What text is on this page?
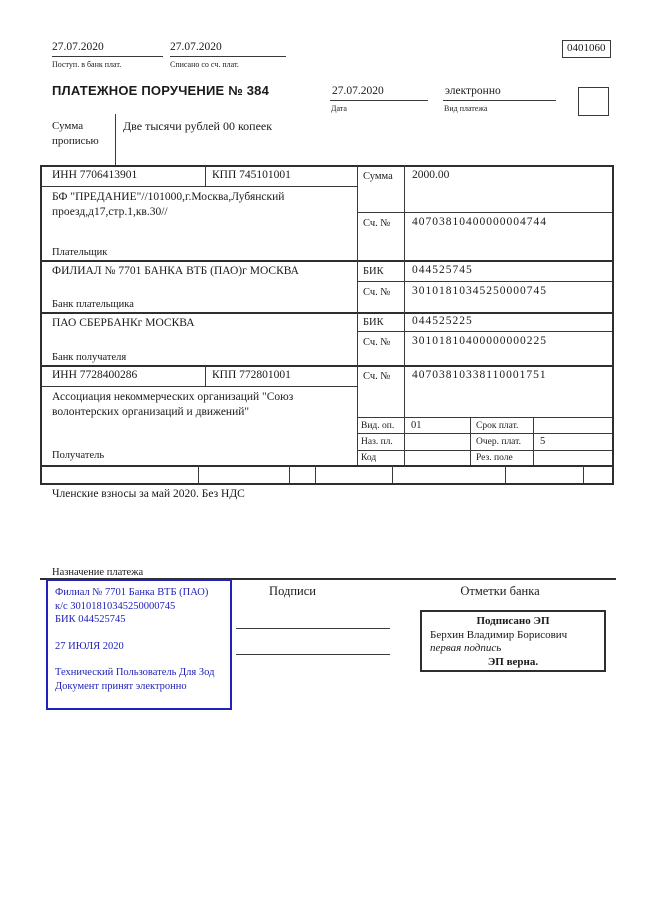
27.07.2020
Поступ. в банк плат.
27.07.2020
Списано со сч. плат.
0401060
ПЛАТЕЖНОЕ ПОРУЧЕНИЕ № 384	27.07.2020
Дата
электронно
Вид платежа
Сумма прописью
Две тысячи рублей 00 копеек
ИНН 7706413901	КПП 745101001	Сумма 2000.00
БФ "ПРЕДАНИЕ"//101000,г.Москва,Лубянский проезд,д17,стр.1,кв.30//
Плательщик
Сч. № 40703810400000004744
ФИЛИАЛ № 7701 БАНКА ВТБ (ПАО)г МОСКВА
Банк плательщика
БИК 044525745
Сч. № 30101810345250000745
ПАО СБЕРБАНКг МОСКВА
Банк получателя
БИК 044525225
Сч. № 30101810400000000225
ИНН 7728400286	КПП 772801001	Сч. № 40703810338110001751
Ассоциация некоммерческих организаций "Союз волонтерских организаций и движений"
Получатель
Вид. оп. 01	Срок плат.
Наз. пл.	Очер. плат. 5
Код	Рез. поле
Членские взносы за май 2020. Без НДС
Назначение платежа
Подписи	Отметки банка
Филиал № 7701 Банка ВТБ (ПАО)
к/с 30101810345250000745
БИК 044525745
27 ИЮЛЯ 2020
Технический Пользователь Для Зод
Документ принят электронно
Подписано ЭП
Берхин Владимир Борисович
первая подпись
ЭП верна.
